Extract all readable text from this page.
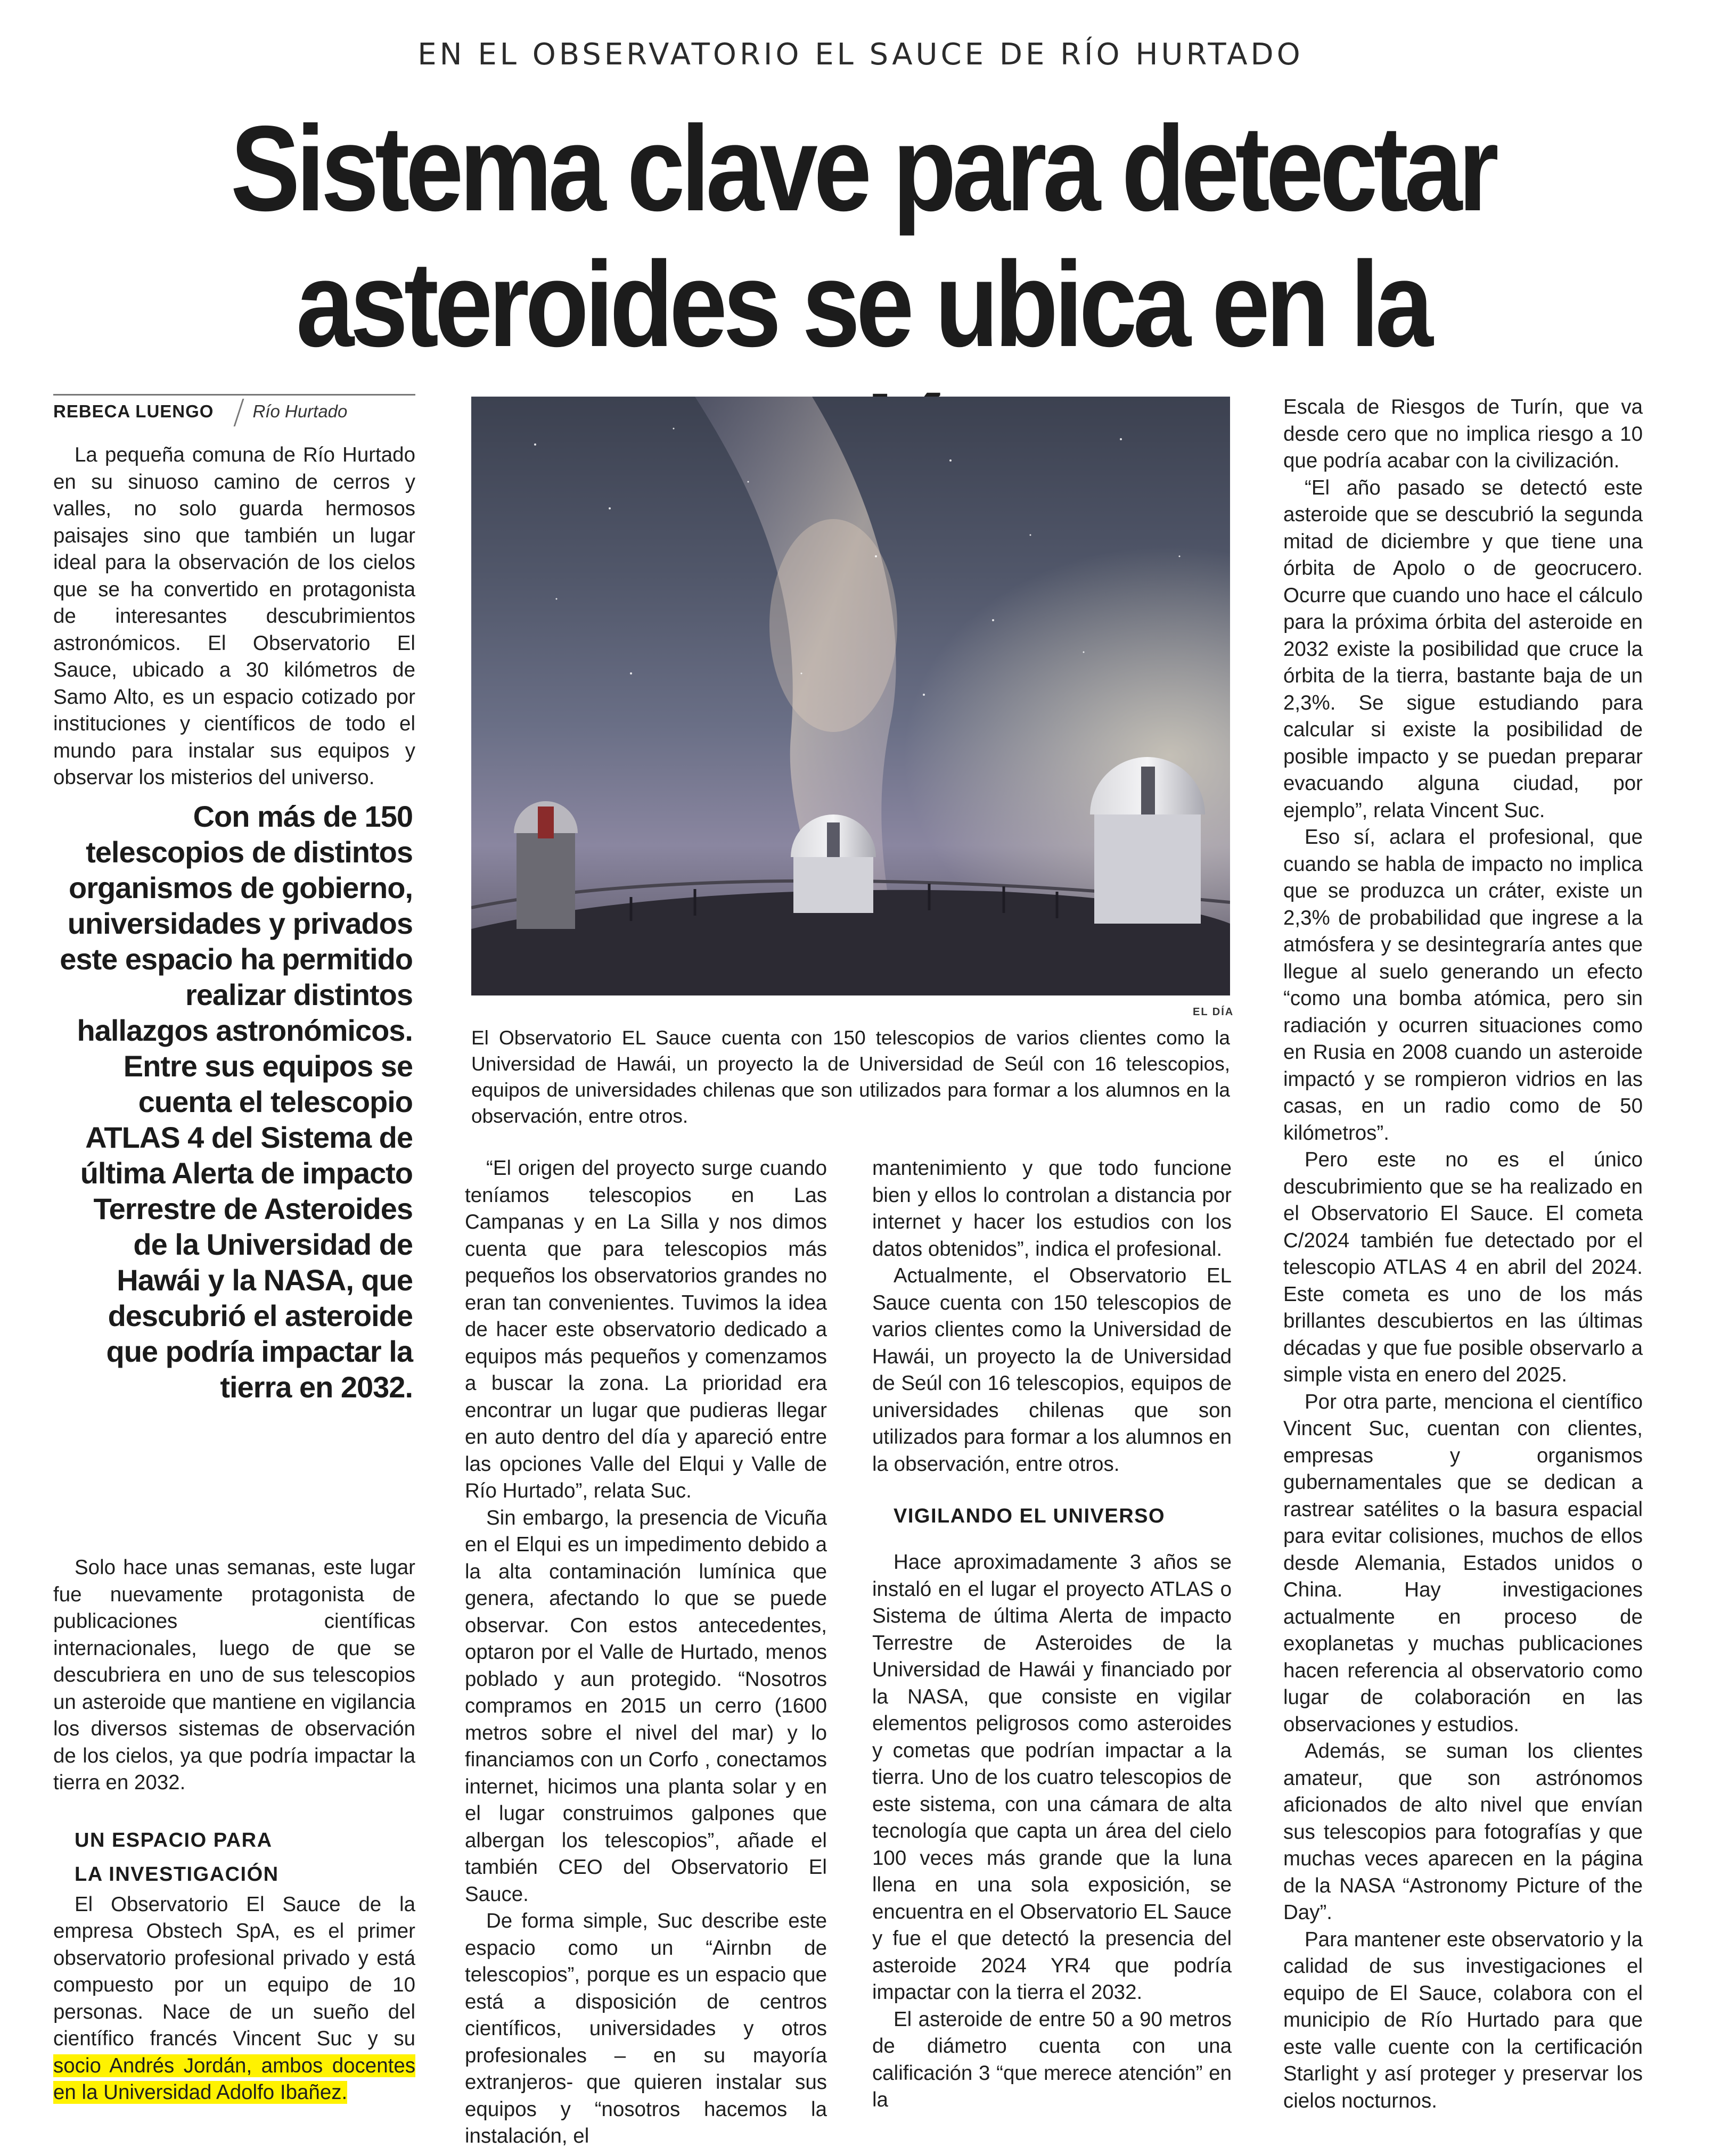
EN EL OBSERVATORIO EL SAUCE DE RÍO HURTADO
Sistema clave para detectar
asteroides se ubica en la
REBECA LUENGO Río Hurtado

La pequeña comuna de Río Hurtado en su sinuoso camino de cerros y valles, no solo guarda hermosos paisajes sino que también un lugar ideal para la observación de los cielos que se ha convertido en protagonista de interesantes descubrimientos astronómicos. El Observatorio El Sauce, ubicado a 30 kilómetros de Samo Alto, es un espacio cotizado por instituciones y científicos de todo el mundo para instalar sus equipos y observar los misterios del universo.

Con más de 150 telescopios de distintos organismos de gobierno, universidades y privados este espacio ha permitido realizar distintos hallazgos astronómicos. Entre sus equipos se cuenta el telescopio ATLAS 4 del Sistema de última Alerta de impacto Terrestre de Asteroides de la Universidad de Hawái y la NASA, que descubrió el asteroide que podría impactar la tierra en 2032.

Solo hace unas semanas, este lugar fue nuevamente protagonista de publicaciones científicas internacionales, luego de que se descubriera en uno de sus telescopios un asteroide que mantiene en vigilancia los diversos sistemas de observación de los cielos, ya que podría impactar la tierra en 2032.

UN ESPACIO PARA

LA INVESTIGACIÓN

El Observatorio El Sauce de la empresa Obstech SpA, es el primer observatorio profesional privado y está compuesto por un equipo de 10 personas. Nace de un sueño del científico francés Vincent Suc y su socio Andrés Jordán, ambos docentes en la Universidad Adolfo Ibañez.

EL DÍA

El Observatorio EL Sauce cuenta con 150 telescopios de varios clientes como la Universidad de Hawái, un proyecto la de Universidad de Seúl con 16 telescopios, equipos de universidades chilenas que son utilizados para formar a los alumnos en la observación, entre otros.

“El origen del proyecto surge cuando teníamos telescopios en Las Campanas y en La Silla y nos dimos cuenta que para telescopios más pequeños los observatorios grandes no eran tan convenientes. Tuvimos la idea de hacer este observatorio dedicado a equipos más pequeños y comenzamos a buscar la zona. La prioridad era encontrar un lugar que pudieras llegar en auto dentro del día y apareció entre las opciones Valle del Elqui y Valle de Río Hurtado”, relata Suc.

Sin embargo, la presencia de Vicuña en el Elqui es un impedimento debido a la alta contaminación lumínica que genera, afectando lo que se puede observar. Con estos antecedentes, optaron por el Valle de Hurtado, menos poblado y aun protegido. “Nosotros compramos en 2015 un cerro (1600 metros sobre el nivel del mar) y lo financiamos con un Corfo , conectamos internet, hicimos una planta solar y en el lugar construimos galpones que albergan los telescopios”, añade el también CEO del Observatorio El Sauce.

De forma simple, Suc describe este espacio como un “Airnbn de telescopios”, porque es un espacio que está a disposición de centros científicos, universidades y otros profesionales – en su mayoría extranjeros- que quieren instalar sus equipos y “nosotros hacemos la instalación, el

mantenimiento y que todo funcione bien y ellos lo controlan a distancia por internet y hacer los estudios con los datos obtenidos”, indica el profesional.

Actualmente, el Observatorio EL Sauce cuenta con 150 telescopios de varios clientes como la Universidad de Hawái, un proyecto la de Universidad de Seúl con 16 telescopios, equipos de universidades chilenas que son utilizados para formar a los alumnos en la observación, entre otros.

VIGILANDO EL UNIVERSO

Hace aproximadamente 3 años se instaló en el lugar el proyecto ATLAS o Sistema de última Alerta de impacto Terrestre de Asteroides de la Universidad de Hawái y financiado por la NASA, que consiste en vigilar elementos peligrosos como asteroides y cometas que podrían impactar a la tierra. Uno de los cuatro telescopios de este sistema, con una cámara de alta tecnología que capta un área del cielo 100 veces más grande que la luna llena en una sola exposición, se encuentra en el Observatorio EL Sauce y fue el que detectó la presencia del asteroide 2024 YR4 que podría impactar con la tierra el 2032.

El asteroide de entre 50 a 90 metros de diámetro cuenta con una calificación 3 “que merece atención” en la

Escala de Riesgos de Turín, que va desde cero que no implica riesgo a 10 que podría acabar con la civilización.

“El año pasado se detectó este asteroide que se descubrió la segunda mitad de diciembre y que tiene una órbita de Apolo o de geocrucero. Ocurre que cuando uno hace el cálculo para la próxima órbita del asteroide en 2032 existe la posibilidad que cruce la órbita de la tierra, bastante baja de un 2,3%. Se sigue estudiando para calcular si existe la posibilidad de posible impacto y se puedan preparar evacuando alguna ciudad, por ejemplo”, relata Vincent Suc.

Eso sí, aclara el profesional, que cuando se habla de impacto no implica que se produzca un cráter, existe un 2,3% de probabilidad que ingrese a la atmósfera y se desintegraría antes que llegue al suelo generando un efecto “como una bomba atómica, pero sin radiación y ocurren situaciones como en Rusia en 2008 cuando un asteroide impactó y se rompieron vidrios en las casas, en un radio como de 50 kilómetros”.

Pero este no es el único descubrimiento que se ha realizado en el Observatorio El Sauce. El cometa C/2024 también fue detectado por el telescopio ATLAS 4 en abril del 2024. Este cometa es uno de los más brillantes descubiertos en las últimas décadas y que fue posible observarlo a simple vista en enero del 2025.

Por otra parte, menciona el científico Vincent Suc, cuentan con clientes, empresas y organismos gubernamentales que se dedican a rastrear satélites o la basura espacial para evitar colisiones, muchos de ellos desde Alemania, Estados unidos o China. Hay investigaciones actualmente en proceso de exoplanetas y muchas publicaciones hacen referencia al observatorio como lugar de colaboración en las observaciones y estudios.

Además, se suman los clientes amateur, que son astrónomos aficionados de alto nivel que envían sus telescopios para fotografías y que muchas veces aparecen en la página de la NASA “Astronomy Picture of the Day”.

Para mantener este observatorio y la calidad de sus investigaciones el equipo de El Sauce, colabora con el municipio de Río Hurtado para que este valle cuente con la certificación Starlight y así proteger y preservar los cielos nocturnos.
